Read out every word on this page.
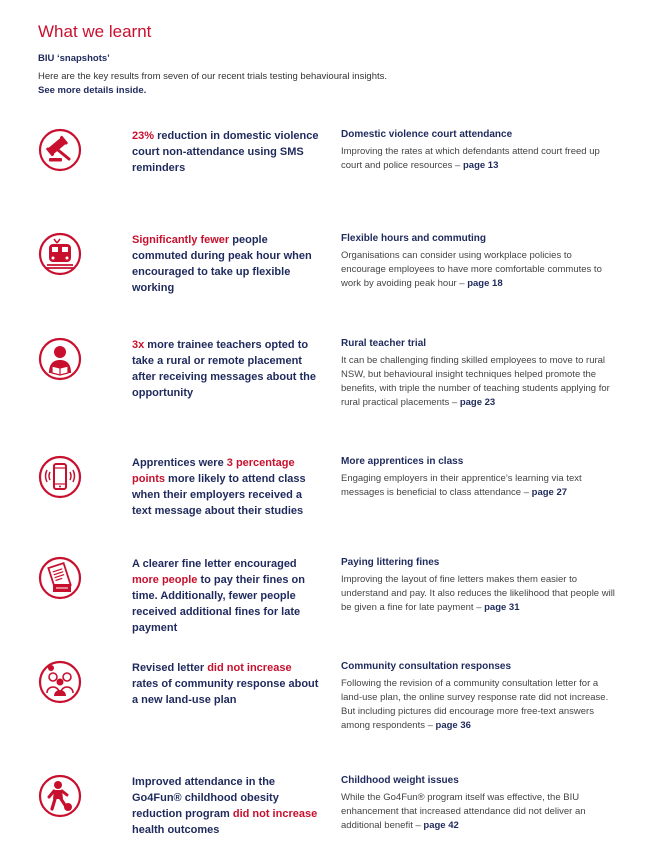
What we learnt
BIU ‘snapshots’
Here are the key results from seven of our recent trials testing behavioural insights.
See more details inside.
23% reduction in domestic violence court non-attendance using SMS reminders
Domestic violence court attendance
Improving the rates at which defendants attend court freed up court and police resources – page 13
Significantly fewer people commuted during peak hour when encouraged to take up flexible working
Flexible hours and commuting
Organisations can consider using workplace policies to encourage employees to have more comfortable commutes to work by avoiding peak hour – page 18
3x more trainee teachers opted to take a rural or remote placement after receiving messages about the opportunity
Rural teacher trial
It can be challenging finding skilled employees to move to rural NSW, but behavioural insight techniques helped promote the benefits, with triple the number of teaching students applying for rural practical placements – page 23
Apprentices were 3 percentage points more likely to attend class when their employers received a text message about their studies
More apprentices in class
Engaging employers in their apprentice’s learning via text messages is beneficial to class attendance – page 27
A clearer fine letter encouraged more people to pay their fines on time. Additionally, fewer people received additional fines for late payment
Paying littering fines
Improving the layout of fine letters makes them easier to understand and pay. It also reduces the likelihood that people will be given a fine for late payment – page 31
Revised letter did not increase rates of community response about a new land-use plan
Community consultation responses
Following the revision of a community consultation letter for a land-use plan, the online survey response rate did not increase. But including pictures did encourage more free-text answers among respondents – page 36
Improved attendance in the Go4Fun® childhood obesity reduction program did not increase health outcomes
Childhood weight issues
While the Go4Fun® program itself was effective, the BIU enhancement that increased attendance did not deliver an additional benefit – page 42
